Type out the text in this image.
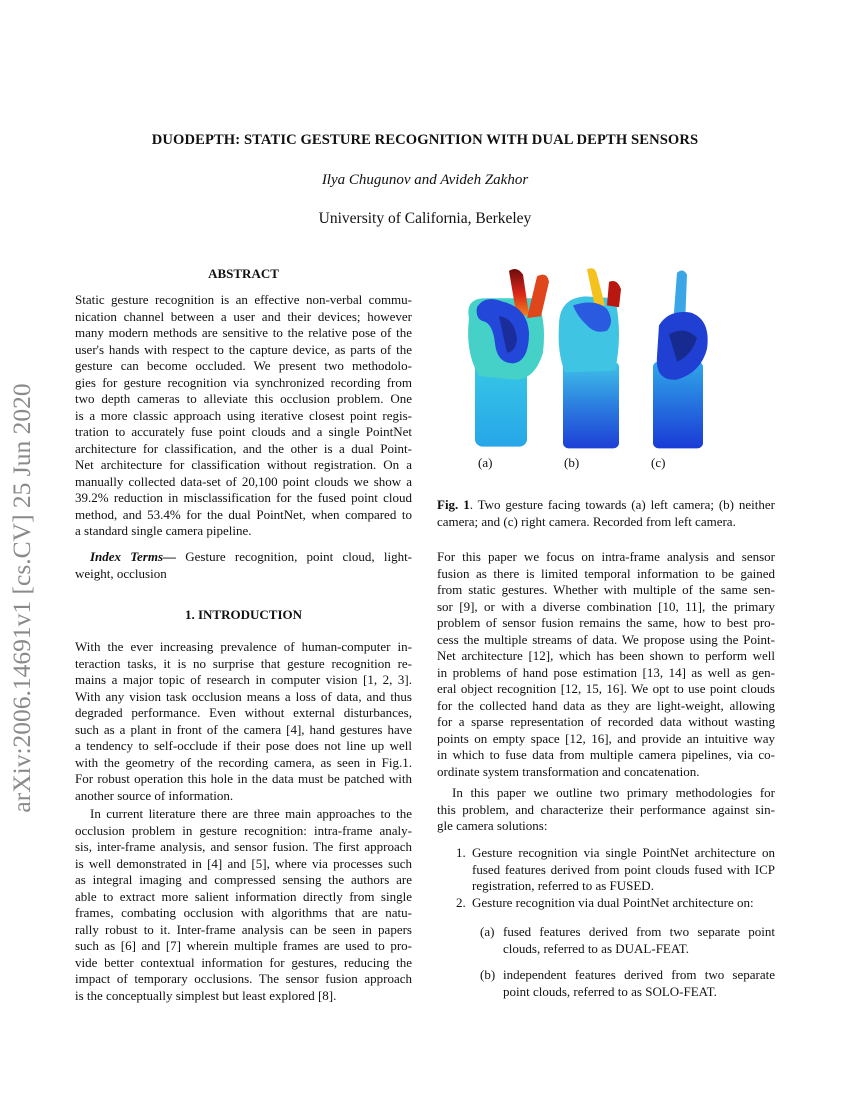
arXiv:2006.14691v1 [cs.CV] 25 Jun 2020
DUODEPTH: STATIC GESTURE RECOGNITION WITH DUAL DEPTH SENSORS
Ilya Chugunov and Avideh Zakhor
University of California, Berkeley
ABSTRACT
Static gesture recognition is an effective non-verbal commu-
nication channel between a user and their devices; however
many modern methods are sensitive to the relative pose of the
user's hands with respect to the capture device, as parts of the
gesture can become occluded. We present two methodolo-
gies for gesture recognition via synchronized recording from
two depth cameras to alleviate this occlusion problem. One
is a more classic approach using iterative closest point regis-
tration to accurately fuse point clouds and a single PointNet
architecture for classification, and the other is a dual Point-
Net architecture for classification without registration. On a
manually collected data-set of 20,100 point clouds we show a
39.2% reduction in misclassification for the fused point cloud
method, and 53.4% for the dual PointNet, when compared to
a standard single camera pipeline.
Index Terms— Gesture recognition, point cloud, light-
weight, occlusion
1. INTRODUCTION
With the ever increasing prevalence of human-computer in-
teraction tasks, it is no surprise that gesture recognition re-
mains a major topic of research in computer vision [1, 2, 3].
With any vision task occlusion means a loss of data, and thus
degraded performance. Even without external disturbances,
such as a plant in front of the camera [4], hand gestures have
a tendency to self-occlude if their pose does not line up well
with the geometry of the recording camera, as seen in Fig.1.
For robust operation this hole in the data must be patched with
another source of information.
In current literature there are three main approaches to the
occlusion problem in gesture recognition: intra-frame analy-
sis, inter-frame analysis, and sensor fusion. The first approach
is well demonstrated in [4] and [5], where via processes such
as integral imaging and compressed sensing the authors are
able to extract more salient information directly from single
frames, combating occlusion with algorithms that are natu-
rally robust to it. Inter-frame analysis can be seen in papers
such as [6] and [7] wherein multiple frames are used to pro-
vide better contextual information for gestures, reducing the
impact of temporary occlusions. The sensor fusion approach
is the conceptually simplest but least explored [8].
(a)	(b)	(c)
Fig. 1. Two gesture facing towards (a) left camera; (b) neither
camera; and (c) right camera. Recorded from left camera.
For this paper we focus on intra-frame analysis and sensor
fusion as there is limited temporal information to be gained
from static gestures. Whether with multiple of the same sen-
sor [9], or with a diverse combination [10, 11], the primary
problem of sensor fusion remains the same, how to best pro-
cess the multiple streams of data. We propose using the Point-
Net architecture [12], which has been shown to perform well
in problems of hand pose estimation [13, 14] as well as gen-
eral object recognition [12, 15, 16]. We opt to use point clouds
for the collected hand data as they are light-weight, allowing
for a sparse representation of recorded data without wasting
points on empty space [12, 16], and provide an intuitive way
in which to fuse data from multiple camera pipelines, via co-
ordinate system transformation and concatenation.
In this paper we outline two primary methodologies for
this problem, and characterize their performance against sin-
gle camera solutions:
1. Gesture recognition via single PointNet architecture on
fused features derived from point clouds fused with ICP
registration, referred to as FUSED.
2. Gesture recognition via dual PointNet architecture on:
(a) fused features derived from two separate point
clouds, referred to as DUAL-FEAT.
(b) independent features derived from two separate
point clouds, referred to as SOLO-FEAT.
